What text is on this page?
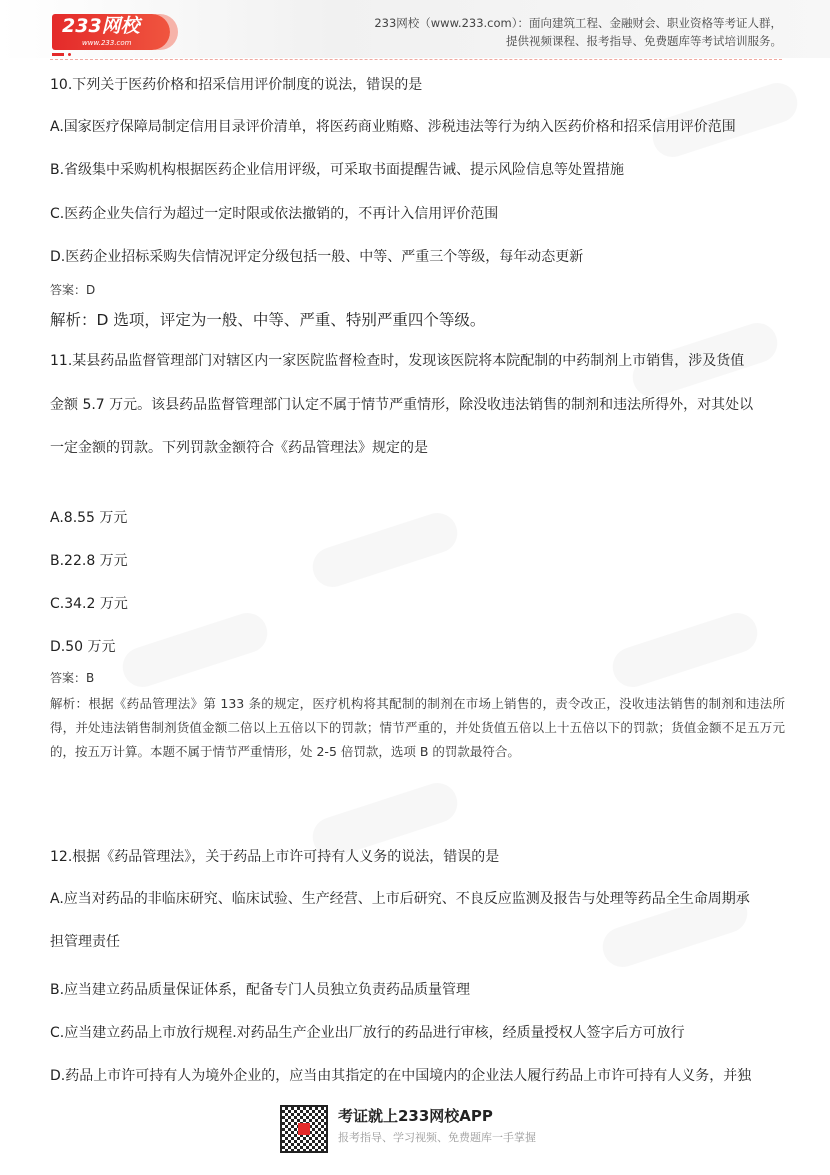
233网校
www.233.com
233网校（www.233.com）：面向建筑工程、金融财会、职业资格等考证人群，
提供视频课程、报考指导、免费题库等考试培训服务。
10.下列关于医药价格和招采信用评价制度的说法，错误的是
A.国家医疗保障局制定信用目录评价清单，将医药商业贿赂、涉税违法等行为纳入医药价格和招采信用评价范围
B.省级集中采购机构根据医药企业信用评级，可采取书面提醒告诫、提示风险信息等处置措施
C.医药企业失信行为超过一定时限或依法撤销的，不再计入信用评价范围
D.医药企业招标采购失信情况评定分级包括一般、中等、严重三个等级，每年动态更新
答案：D
解析：D 选项，评定为一般、中等、严重、特别严重四个等级。
11.某县药品监督管理部门对辖区内一家医院监督检查时，发现该医院将本院配制的中药制剂上市销售，涉及货值
金额 5.7 万元。该县药品监督管理部门认定不属于情节严重情形，除没收违法销售的制剂和违法所得外，对其处以
一定金额的罚款。下列罚款金额符合《药品管理法》规定的是
A.8.55 万元
B.22.8 万元
C.34.2 万元
D.50 万元
答案：B
解析：根据《药品管理法》第 133 条的规定，医疗机构将其配制的制剂在市场上销售的，责令改正，没收违法销售的制剂和违法所得，并处违法销售制剂货值金额二倍以上五倍以下的罚款；情节严重的，并处货值五倍以上十五倍以下的罚款；货值金额不足五万元的，按五万计算。本题不属于情节严重情形，处 2-5 倍罚款，选项 B 的罚款最符合。
12.根据《药品管理法》，关于药品上市许可持有人义务的说法，错误的是
A.应当对药品的非临床研究、临床试验、生产经营、上市后研究、不良反应监测及报告与处理等药品全生命周期承
担管理责任
B.应当建立药品质量保证体系，配备专门人员独立负责药品质量管理
C.应当建立药品上市放行规程.对药品生产企业出厂放行的药品进行审核，经质量授权人签字后方可放行
D.药品上市许可持有人为境外企业的，应当由其指定的在中国境内的企业法人履行药品上市许可持有人义务，并独
考证就上233网校APP
报考指导、学习视频、免费题库一手掌握
